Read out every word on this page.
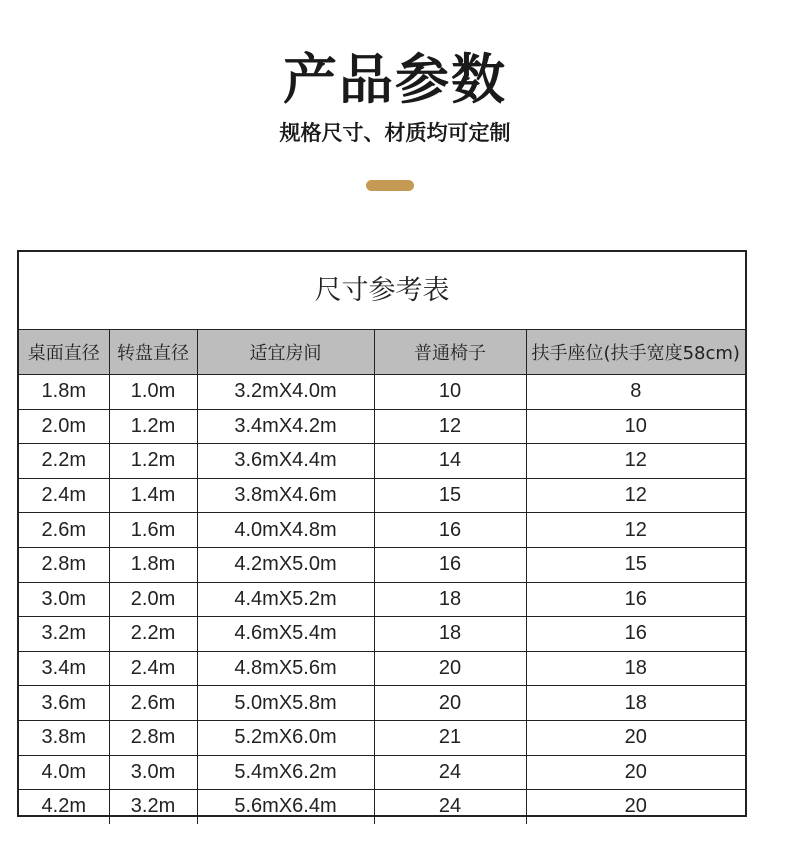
产品参数
规格尺寸、材质均可定制
尺寸参考表
桌面直径	转盘直径	适宜房间	普通椅子	扶手座位(扶手宽度58cm)
1.8m	1.0m	3.2mX4.0m	10	8
2.0m	1.2m	3.4mX4.2m	12	10
2.2m	1.2m	3.6mX4.4m	14	12
2.4m	1.4m	3.8mX4.6m	15	12
2.6m	1.6m	4.0mX4.8m	16	12
2.8m	1.8m	4.2mX5.0m	16	15
3.0m	2.0m	4.4mX5.2m	18	16
3.2m	2.2m	4.6mX5.4m	18	16
3.4m	2.4m	4.8mX5.6m	20	18
3.6m	2.6m	5.0mX5.8m	20	18
3.8m	2.8m	5.2mX6.0m	21	20
4.0m	3.0m	5.4mX6.2m	24	20
4.2m	3.2m	5.6mX6.4m	24	20
